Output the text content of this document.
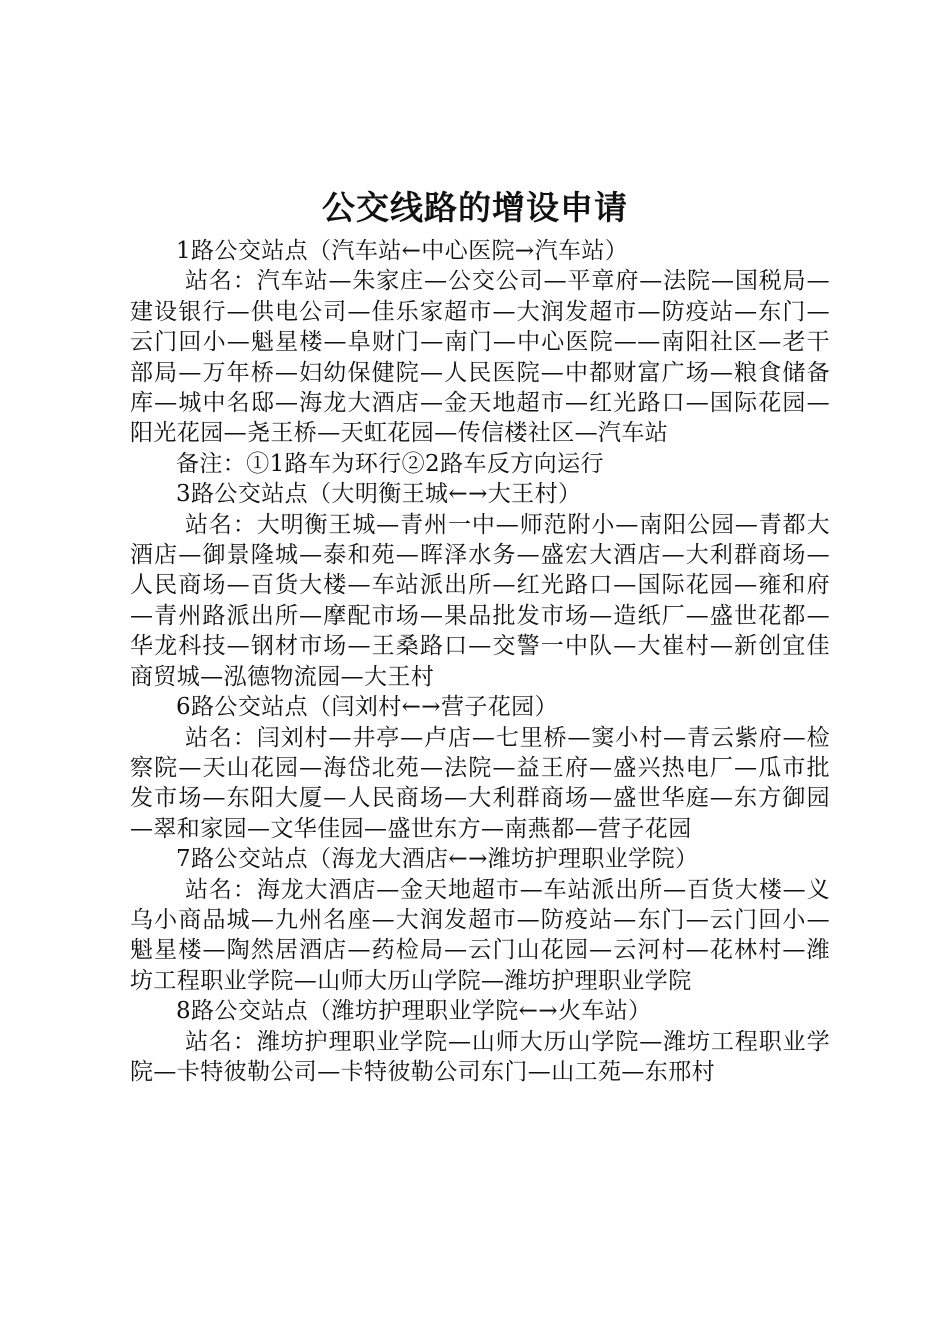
公交线路的增设申请

1路公交站点（汽车站←中心医院→汽车站）

站名：汽车站—朱家庄—公交公司—平章府—法院—国税局—建设银行—供电公司—佳乐家超市—大润发超市—防疫站—东门—云门回小—魁星楼—阜财门—南门—中心医院——南阳社区—老干部局—万年桥—妇幼保健院—人民医院—中都财富广场—粮食储备库—城中名邸—海龙大酒店—金天地超市—红光路口—国际花园—阳光花园—尧王桥—天虹花园—传信楼社区—汽车站

备注：①1路车为环行②2路车反方向运行

3路公交站点（大明衡王城←→大王村）

站名：大明衡王城—青州一中—师范附小—南阳公园—青都大酒店—御景隆城—泰和苑—晖泽水务—盛宏大酒店—大利群商场—人民商场—百货大楼—车站派出所—红光路口—国际花园—雍和府—青州路派出所—摩配市场—果品批发市场—造纸厂—盛世花都—华龙科技—钢材市场—王桑路口—交警一中队—大崔村—新创宜佳商贸城—泓德物流园—大王村

6路公交站点（闫刘村←→营子花园）

站名：闫刘村—井亭—卢店—七里桥—窦小村—青云紫府—检察院—天山花园—海岱北苑—法院—益王府—盛兴热电厂—瓜市批发市场—东阳大厦—人民商场—大利群商场—盛世华庭—东方御园—翠和家园—文华佳园—盛世东方—南燕都—营子花园

7路公交站点（海龙大酒店←→潍坊护理职业学院）

站名：海龙大酒店—金天地超市—车站派出所—百货大楼—义乌小商品城—九州名座—大润发超市—防疫站—东门—云门回小—魁星楼—陶然居酒店—药检局—云门山花园—云河村—花林村—潍坊工程职业学院—山师大历山学院—潍坊护理职业学院

8路公交站点（潍坊护理职业学院←→火车站）

站名：潍坊护理职业学院—山师大历山学院—潍坊工程职业学院—卡特彼勒公司—卡特彼勒公司东门—山工苑—东邢村
